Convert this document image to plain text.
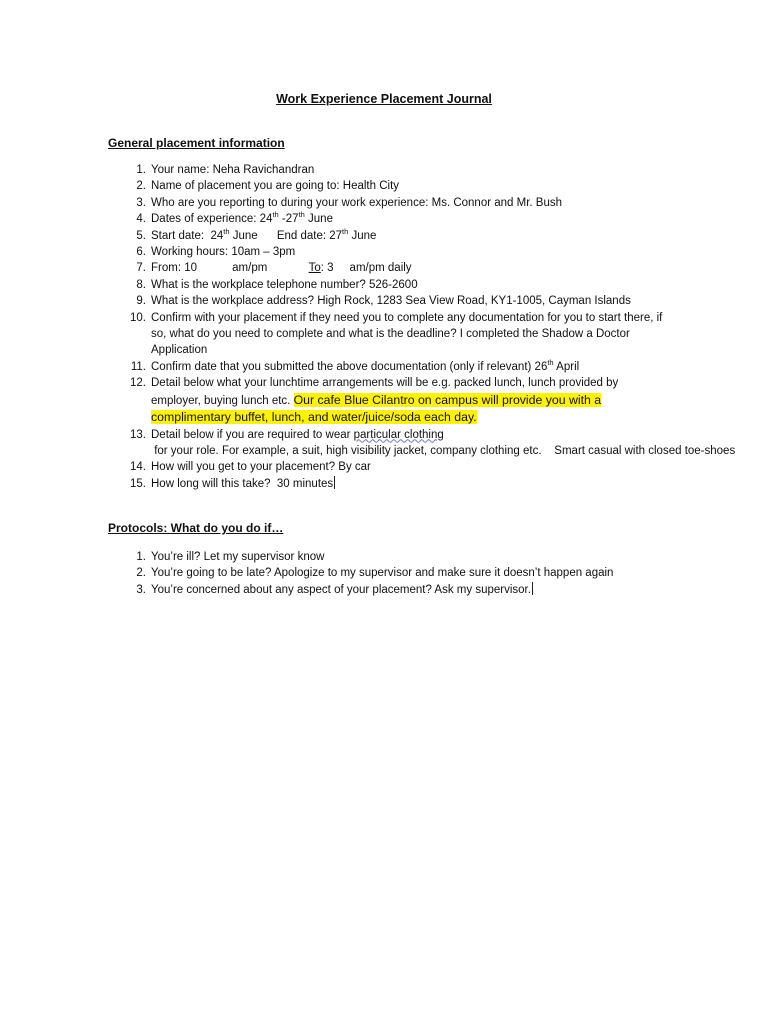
Work Experience Placement Journal
General placement information
1. Your name: Neha Ravichandran
2. Name of placement you are going to: Health City
3. Who are you reporting to during your work experience: Ms. Connor and Mr. Bush
4. Dates of experience: 24th -27th June
5. Start date:  24th June      End date: 27th June
6. Working hours: 10am – 3pm
7. From: 10           am/pm             To: 3     am/pm daily
8. What is the workplace telephone number? 526-2600
9. What is the workplace address? High Rock, 1283 Sea View Road, KY1-1005, Cayman Islands
10. Confirm with your placement if they need you to complete any documentation for you to start there, if so, what do you need to complete and what is the deadline? I completed the Shadow a Doctor Application
11. Confirm date that you submitted the above documentation (only if relevant) 26th April
12. Detail below what your lunchtime arrangements will be e.g. packed lunch, lunch provided by employer, buying lunch etc. Our cafe Blue Cilantro on campus will provide you with a complimentary buffet, lunch, and water/juice/soda each day.
13. Detail below if you are required to wear particular clothing for your role. For example, a suit, high visibility jacket, company clothing etc.    Smart casual with closed toe-shoes
14. How will you get to your placement? By car
15. How long will this take?  30 minutes
Protocols: What do you do if…
1. You’re ill? Let my supervisor know
2. You’re going to be late? Apologize to my supervisor and make sure it doesn’t happen again
3. You’re concerned about any aspect of your placement? Ask my supervisor.
